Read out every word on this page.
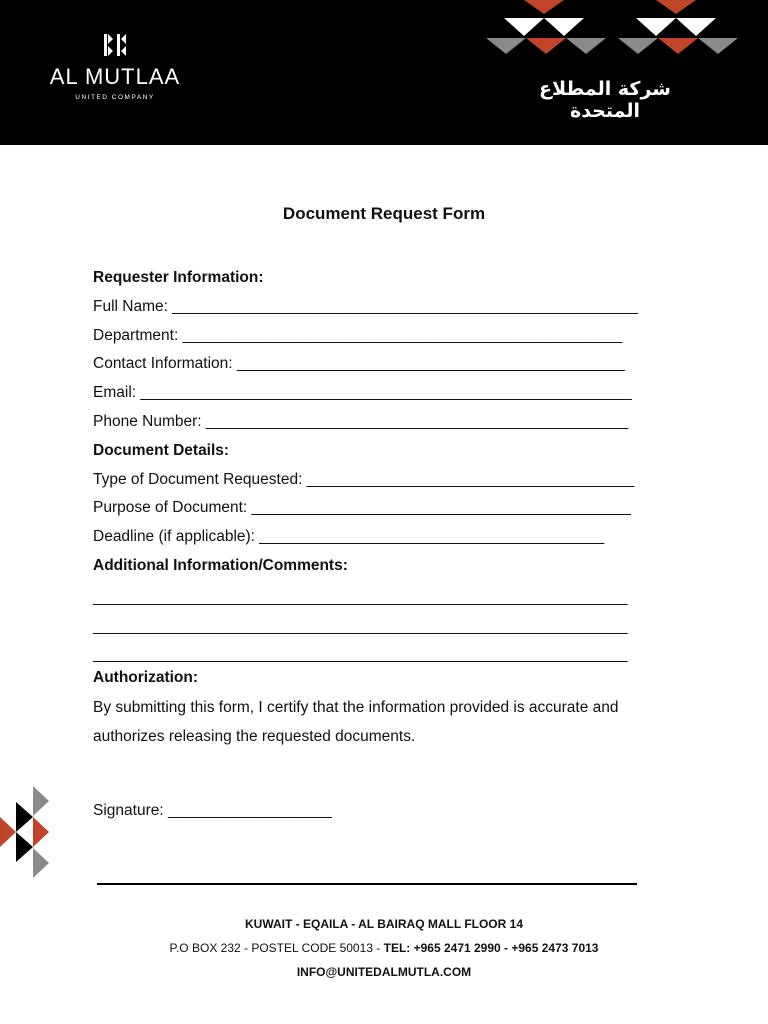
AL MUTLAA
UNITED COMPANY	شركة المطلاع المتحدة
Document Request Form
Requester Information:
Full Name: ______________________________________________________
Department: ___________________________________________________
Contact Information: _____________________________________________
Email: _________________________________________________________
Phone Number: _________________________________________________
Document Details:
Type of Document Requested: ______________________________________
Purpose of Document: ____________________________________________
Deadline (if applicable): ________________________________________
Additional Information/Comments:
______________________________________________________________
______________________________________________________________
______________________________________________________________
Authorization:
By submitting this form, I certify that the information provided is accurate and authorizes releasing the requested documents.
Signature: ___________________
KUWAIT - EQAILA - AL BAIRAQ MALL FLOOR 14
P.O BOX 232 - POSTEL CODE 50013 - TEL: +965 2471 2990 - +965 2473 7013
INFO@UNITEDALMUTLA.COM
